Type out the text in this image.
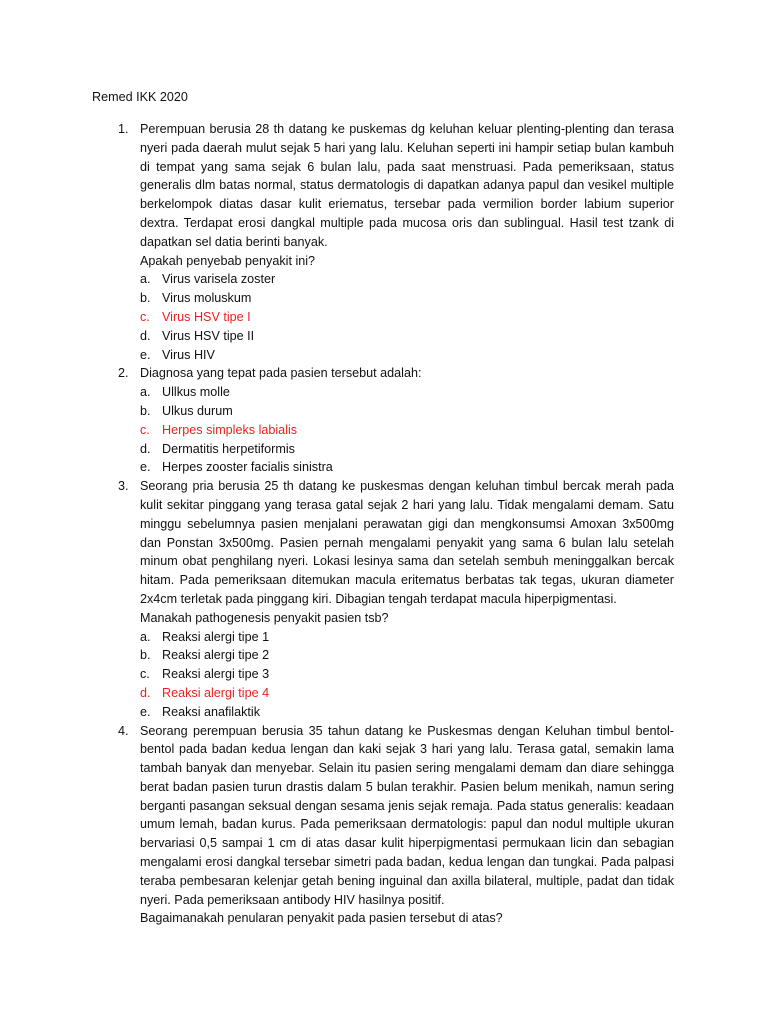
Remed IKK 2020
1. Perempuan berusia 28 th datang ke puskemas dg keluhan keluar plenting-plenting dan terasa nyeri pada daerah mulut sejak 5 hari yang lalu. Keluhan seperti ini hampir setiap bulan kambuh di tempat yang sama sejak 6 bulan lalu, pada saat menstruasi. Pada pemeriksaan, status generalis dlm batas normal, status dermatologis di dapatkan adanya papul dan vesikel multiple berkelompok diatas dasar kulit eriematus, tersebar pada vermilion border labium superior dextra. Terdapat erosi dangkal multiple pada mucosa oris dan sublingual. Hasil test tzank di dapatkan sel datia berinti banyak.
Apakah penyebab penyakit ini?
a. Virus varisela zoster
b. Virus moluskum
c. Virus HSV tipe I
d. Virus HSV tipe II
e. Virus HIV
2. Diagnosa yang tepat pada pasien tersebut adalah:
a. Ullkus molle
b. Ulkus durum
c. Herpes simpleks labialis
d. Dermatitis herpetiformis
e. Herpes zooster facialis sinistra
3. Seorang pria berusia 25 th datang ke puskesmas dengan keluhan timbul bercak merah pada kulit sekitar pinggang yang terasa gatal sejak 2 hari yang lalu. Tidak mengalami demam. Satu minggu sebelumnya pasien menjalani perawatan gigi dan mengkonsumsi Amoxan 3x500mg dan Ponstan 3x500mg. Pasien pernah mengalami penyakit yang sama 6 bulan lalu setelah minum obat penghilang nyeri. Lokasi lesinya sama dan setelah sembuh meninggalkan bercak hitam. Pada pemeriksaan ditemukan macula eritematus berbatas tak tegas, ukuran diameter 2x4cm terletak pada pinggang kiri. Dibagian tengah terdapat macula hiperpigmentasi.
Manakah pathogenesis penyakit pasien tsb?
a. Reaksi alergi tipe 1
b. Reaksi alergi tipe 2
c. Reaksi alergi tipe 3
d. Reaksi alergi tipe 4
e. Reaksi anafilaktik
4. Seorang perempuan berusia 35 tahun datang ke Puskesmas dengan Keluhan timbul bentol-bentol pada badan kedua lengan dan kaki sejak 3 hari yang lalu. Terasa gatal, semakin lama tambah banyak dan menyebar. Selain itu pasien sering mengalami demam dan diare sehingga berat badan pasien turun drastis dalam 5 bulan terakhir. Pasien belum menikah, namun sering berganti pasangan seksual dengan sesama jenis sejak remaja. Pada status generalis: keadaan umum lemah, badan kurus. Pada pemeriksaan dermatologis: papul dan nodul multiple ukuran bervariasi 0,5 sampai 1 cm di atas dasar kulit hiperpigmentasi permukaan licin dan sebagian mengalami erosi dangkal tersebar simetri pada badan, kedua lengan dan tungkai. Pada palpasi teraba pembesaran kelenjar getah bening inguinal dan axilla bilateral, multiple, padat dan tidak nyeri. Pada pemeriksaan antibody HIV hasilnya positif.
Bagaimanakah penularan penyakit pada pasien tersebut di atas?
